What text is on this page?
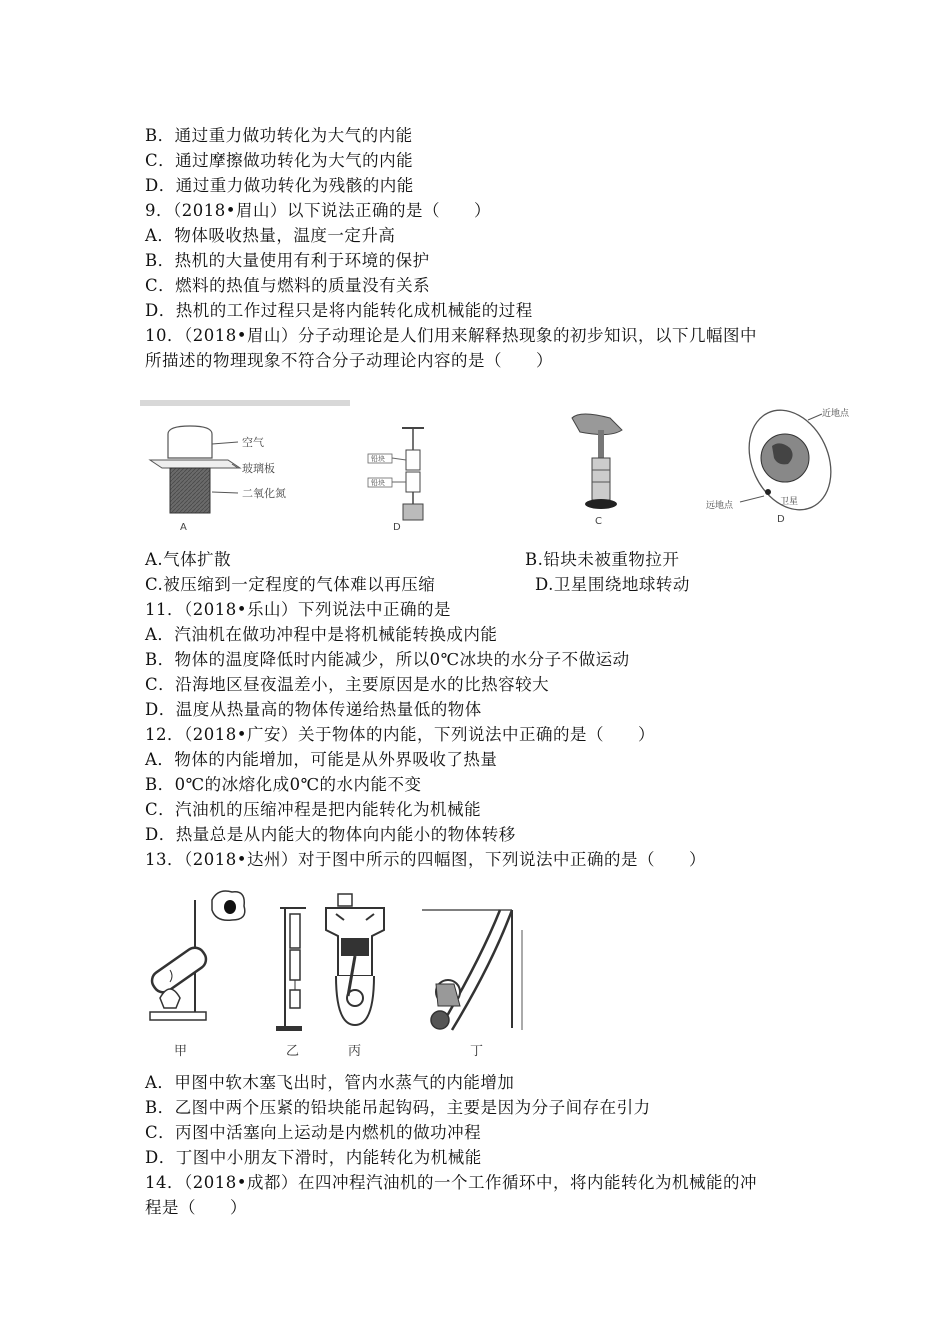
B．通过重力做功转化为大气的内能
C．通过摩擦做功转化为大气的内能
D．通过重力做功转化为残骸的内能
9．（2018•眉山）以下说法正确的是（　　）
A．物体吸收热量，温度一定升高
B．热机的大量使用有利于环境的保护
C．燃料的热值与燃料的质量没有关系
D．热机的工作过程只是将内能转化成机械能的过程
10．（2018•眉山）分子动理论是人们用来解释热现象的初步知识，以下几幅图中
所描述的物理现象不符合分子动理论内容的是（　　）
空气
玻璃板
二氧化氮
A
铅块
铅块
D
C
近地点
远地点	卫星
D
A.气体扩散	B.铅块未被重物拉开
C.被压缩到一定程度的气体难以再压缩	D.卫星围绕地球转动
11．（2018•乐山）下列说法中正确的是
A．汽油机在做功冲程中是将机械能转换成内能
B．物体的温度降低时内能减少，所以0℃冰块的水分子不做运动
C．沿海地区昼夜温差小，主要原因是水的比热容较大
D．温度从热量高的物体传递给热量低的物体
12．（2018•广安）关于物体的内能，下列说法中正确的是（　　）
A．物体的内能增加，可能是从外界吸收了热量
B．0℃的冰熔化成0℃的水内能不变
C．汽油机的压缩冲程是把内能转化为机械能
D．热量总是从内能大的物体向内能小的物体转移
13．（2018•达州）对于图中所示的四幅图，下列说法中正确的是（　　）
甲	乙	丙	丁
A．甲图中软木塞飞出时，管内水蒸气的内能增加
B．乙图中两个压紧的铅块能吊起钩码，主要是因为分子间存在引力
C．丙图中活塞向上运动是内燃机的做功冲程
D．丁图中小朋友下滑时，内能转化为机械能
14．（2018•成都）在四冲程汽油机的一个工作循环中，将内能转化为机械能的冲
程是（　　）
